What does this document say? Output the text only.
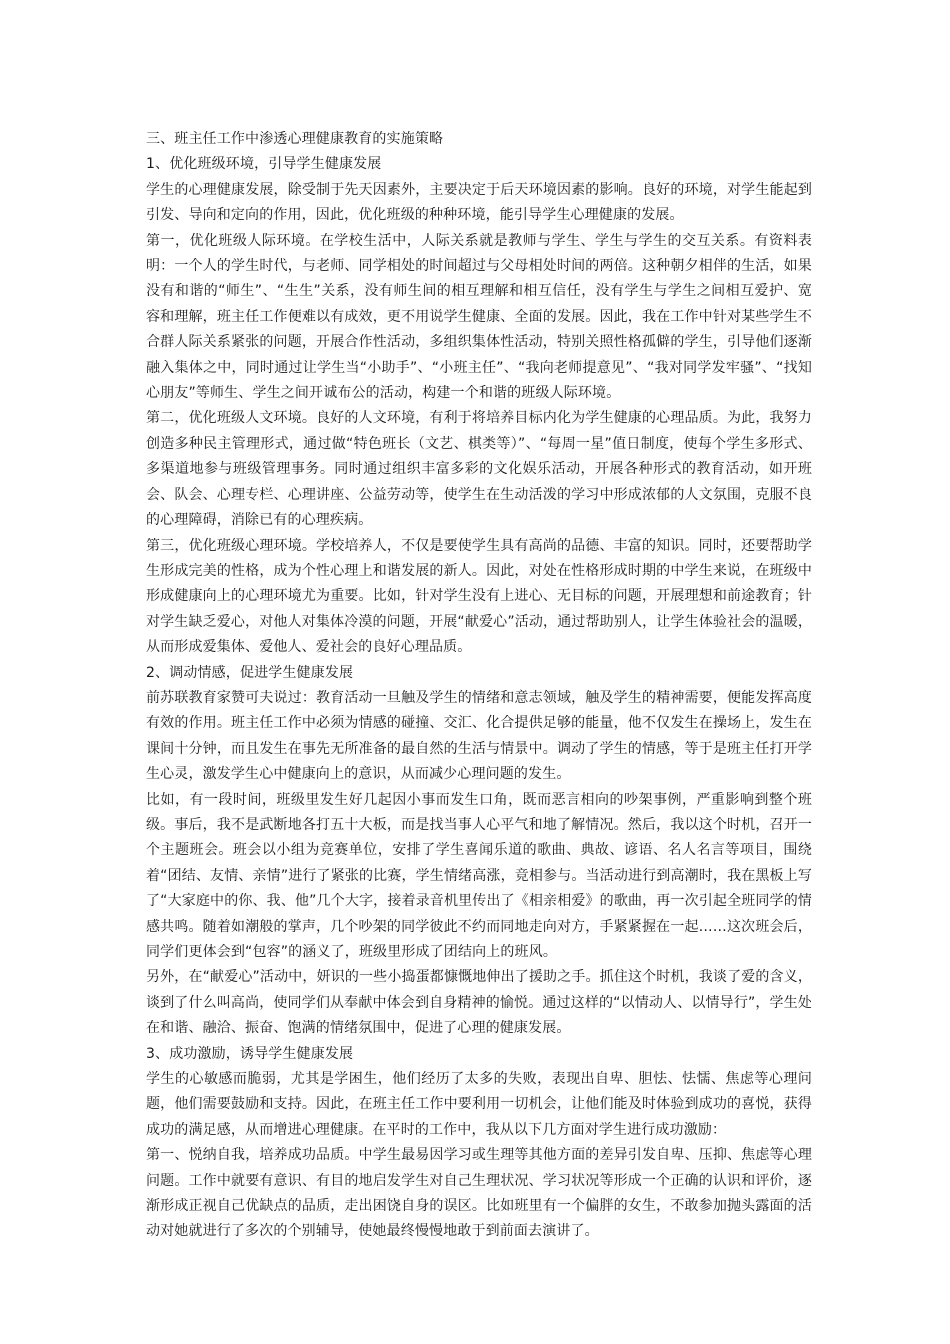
三、班主任工作中渗透心理健康教育的实施策略

1、优化班级环境，引导学生健康发展

学生的心理健康发展，除受制于先天因素外，主要决定于后天环境因素的影响。良好的环境，对学生能起到引发、导向和定向的作用，因此，优化班级的种种环境，能引导学生心理健康的发展。

第一，优化班级人际环境。在学校生活中，人际关系就是教师与学生、学生与学生的交互关系。有资料表明：一个人的学生时代，与老师、同学相处的时间超过与父母相处时间的两倍。这种朝夕相伴的生活，如果没有和谐的“师生”、“生生”关系，没有师生间的相互理解和相互信任，没有学生与学生之间相互爱护、宽容和理解，班主任工作便难以有成效，更不用说学生健康、全面的发展。因此，我在工作中针对某些学生不合群人际关系紧张的问题，开展合作性活动，多组织集体性活动，特别关照性格孤僻的学生，引导他们逐渐融入集体之中，同时通过让学生当“小助手”、“小班主任”、“我向老师提意见”、“我对同学发牢骚”、“找知心朋友”等师生、学生之间开诚布公的活动，构建一个和谐的班级人际环境。

第二，优化班级人文环境。良好的人文环境，有利于将培养目标内化为学生健康的心理品质。为此，我努力创造多种民主管理形式，通过做“特色班长（文艺、棋类等）”、“每周一星”值日制度，使每个学生多形式、多渠道地参与班级管理事务。同时通过组织丰富多彩的文化娱乐活动，开展各种形式的教育活动，如开班会、队会、心理专栏、心理讲座、公益劳动等，使学生在生动活泼的学习中形成浓郁的人文氛围，克服不良的心理障碍，消除已有的心理疾病。

第三，优化班级心理环境。学校培养人，不仅是要使学生具有高尚的品德、丰富的知识。同时，还要帮助学生形成完美的性格，成为个性心理上和谐发展的新人。因此，对处在性格形成时期的中学生来说，在班级中形成健康向上的心理环境尤为重要。比如，针对学生没有上进心、无目标的问题，开展理想和前途教育；针对学生缺乏爱心，对他人对集体冷漠的问题，开展“献爱心”活动，通过帮助别人，让学生体验社会的温暖，从而形成爱集体、爱他人、爱社会的良好心理品质。

2、调动情感，促进学生健康发展

前苏联教育家赞可夫说过：教育活动一旦触及学生的情绪和意志领域，触及学生的精神需要，便能发挥高度有效的作用。班主任工作中必须为情感的碰撞、交汇、化合提供足够的能量，他不仅发生在操场上，发生在课间十分钟，而且发生在事先无所准备的最自然的生活与情景中。调动了学生的情感，等于是班主任打开学生心灵，激发学生心中健康向上的意识，从而减少心理问题的发生。

比如，有一段时间，班级里发生好几起因小事而发生口角，既而恶言相向的吵架事例，严重影响到整个班级。事后，我不是武断地各打五十大板，而是找当事人心平气和地了解情况。然后，我以这个时机，召开一个主题班会。班会以小组为竞赛单位，安排了学生喜闻乐道的歌曲、典故、谚语、名人名言等项目，围绕着“团结、友情、亲情”进行了紧张的比赛，学生情绪高涨，竞相参与。当活动进行到高潮时，我在黑板上写了“大家庭中的你、我、他”几个大字，接着录音机里传出了《相亲相爱》的歌曲，再一次引起全班同学的情感共鸣。随着如潮般的掌声，几个吵架的同学彼此不约而同地走向对方，手紧紧握在一起……这次班会后，同学们更体会到“包容”的涵义了，班级里形成了团结向上的班风。

另外，在“献爱心”活动中，妍识的一些小捣蛋都慷慨地伸出了援助之手。抓住这个时机，我谈了爱的含义，谈到了什么叫高尚，使同学们从奉献中体会到自身精神的愉悦。通过这样的“以情动人、以情导行”，学生处在和谐、融洽、振奋、饱满的情绪氛围中，促进了心理的健康发展。

3、成功激励，诱导学生健康发展

学生的心敏感而脆弱，尤其是学困生，他们经历了太多的失败，表现出自卑、胆怯、怯懦、焦虑等心理问题，他们需要鼓励和支持。因此，在班主任工作中要利用一切机会，让他们能及时体验到成功的喜悦，获得成功的满足感，从而增进心理健康。在平时的工作中，我从以下几方面对学生进行成功激励：

第一、悦纳自我，培养成功品质。中学生最易因学习或生理等其他方面的差异引发自卑、压抑、焦虑等心理问题。工作中就要有意识、有目的地启发学生对自己生理状况、学习状况等形成一个正确的认识和评价，逐渐形成正视自己优缺点的品质，走出困饶自身的误区。比如班里有一个偏胖的女生，不敢参加抛头露面的活动对她就进行了多次的个别辅导，使她最终慢慢地敢于到前面去演讲了。
